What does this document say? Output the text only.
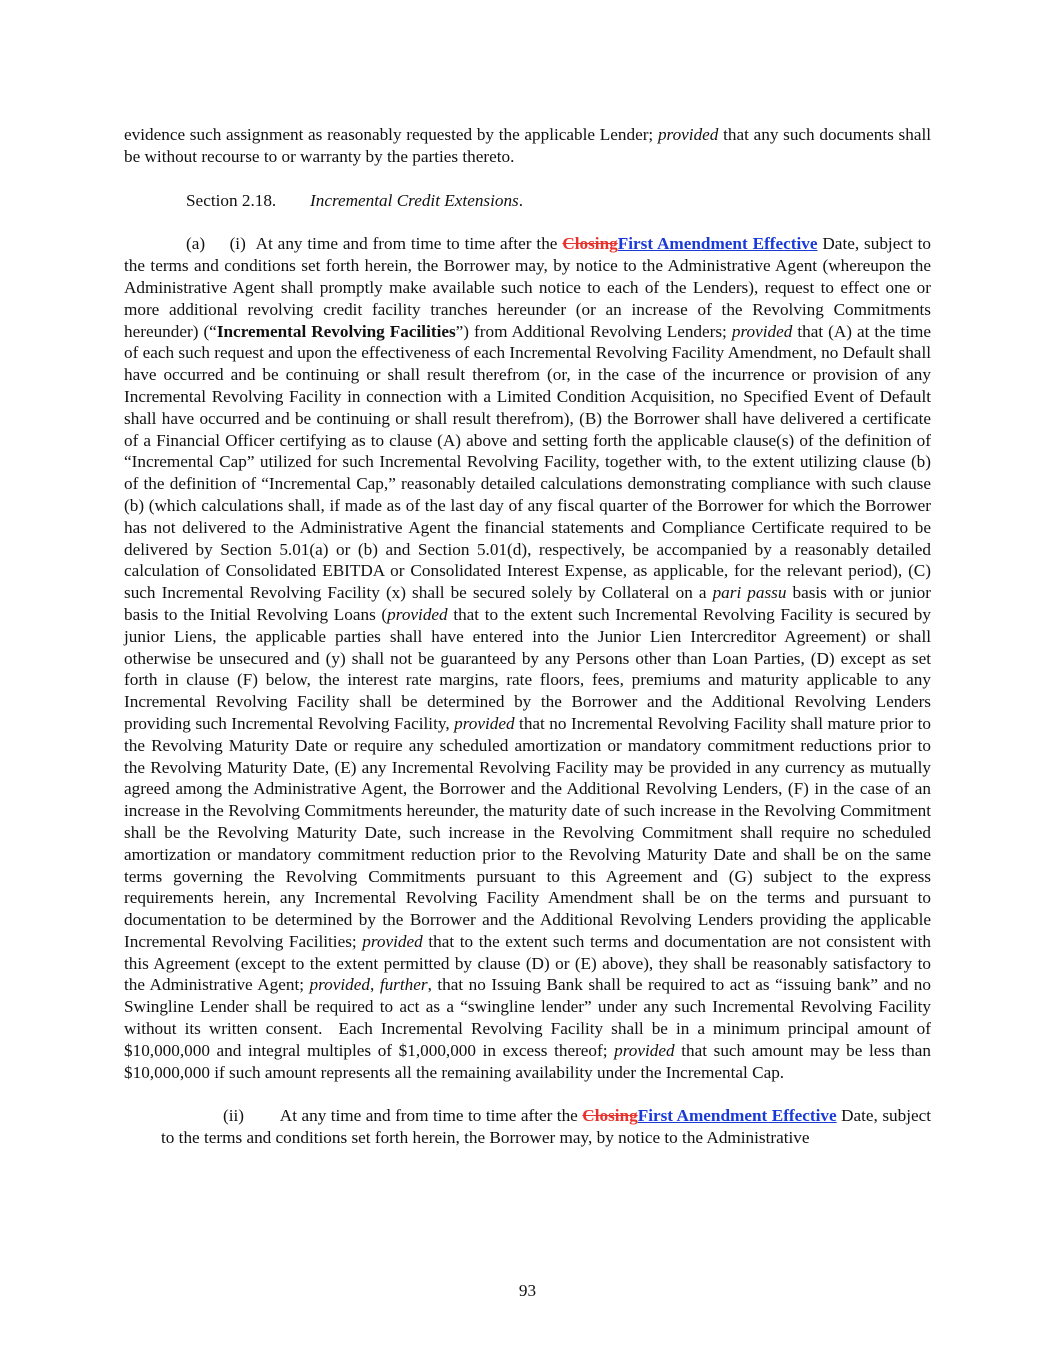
evidence such assignment as reasonably requested by the applicable Lender; provided that any such documents shall be without recourse to or warranty by the parties thereto.

Section 2.18. Incremental Credit Extensions.

(a)     (i)  At any time and from time to time after the ClosingFirst Amendment Effective Date, subject to the terms and conditions set forth herein, the Borrower may, by notice to the Administrative Agent (whereupon the Administrative Agent shall promptly make available such notice to each of the Lenders), request to effect one or more additional revolving credit facility tranches hereunder (or an increase of the Revolving Commitments hereunder) (“Incremental Revolving Facilities”) from Additional Revolving Lenders; provided that (A) at the time of each such request and upon the effectiveness of each Incremental Revolving Facility Amendment, no Default shall have occurred and be continuing or shall result therefrom (or, in the case of the incurrence or provision of any Incremental Revolving Facility in connection with a Limited Condition Acquisition, no Specified Event of Default shall have occurred and be continuing or shall result therefrom), (B) the Borrower shall have delivered a certificate of a Financial Officer certifying as to clause (A) above and setting forth the applicable clause(s) of the definition of “Incremental Cap” utilized for such Incremental Revolving Facility, together with, to the extent utilizing clause (b) of the definition of “Incremental Cap,” reasonably detailed calculations demonstrating compliance with such clause (b) (which calculations shall, if made as of the last day of any fiscal quarter of the Borrower for which the Borrower has not delivered to the Administrative Agent the financial statements and Compliance Certificate required to be delivered by Section 5.01(a) or (b) and Section 5.01(d), respectively, be accompanied by a reasonably detailed calculation of Consolidated EBITDA or Consolidated Interest Expense, as applicable, for the relevant period), (C) such Incremental Revolving Facility (x) shall be secured solely by Collateral on a pari passu basis with or junior basis to the Initial Revolving Loans (provided that to the extent such Incremental Revolving Facility is secured by junior Liens, the applicable parties shall have entered into the Junior Lien Intercreditor Agreement) or shall otherwise be unsecured and (y) shall not be guaranteed by any Persons other than Loan Parties, (D) except as set forth in clause (F) below, the interest rate margins, rate floors, fees, premiums and maturity applicable to any Incremental Revolving Facility shall be determined by the Borrower and the Additional Revolving Lenders providing such Incremental Revolving Facility, provided that no Incremental Revolving Facility shall mature prior to the Revolving Maturity Date or require any scheduled amortization or mandatory commitment reductions prior to the Revolving Maturity Date, (E) any Incremental Revolving Facility may be provided in any currency as mutually agreed among the Administrative Agent, the Borrower and the Additional Revolving Lenders, (F) in the case of an increase in the Revolving Commitments hereunder, the maturity date of such increase in the Revolving Commitment shall be the Revolving Maturity Date, such increase in the Revolving Commitment shall require no scheduled amortization or mandatory commitment reduction prior to the Revolving Maturity Date and shall be on the same terms governing the Revolving Commitments pursuant to this Agreement and (G) subject to the express requirements herein, any Incremental Revolving Facility Amendment shall be on the terms and pursuant to documentation to be determined by the Borrower and the Additional Revolving Lenders providing the applicable Incremental Revolving Facilities; provided that to the extent such terms and documentation are not consistent with this Agreement (except to the extent permitted by clause (D) or (E) above), they shall be reasonably satisfactory to the Administrative Agent; provided, further, that no Issuing Bank shall be required to act as “issuing bank” and no Swingline Lender shall be required to act as a “swingline lender” under any such Incremental Revolving Facility without its written consent.  Each Incremental Revolving Facility shall be in a minimum principal amount of $10,000,000 and integral multiples of $1,000,000 in excess thereof; provided that such amount may be less than $10,000,000 if such amount represents all the remaining availability under the Incremental Cap.

(ii)        At any time and from time to time after the ClosingFirst Amendment Effective Date, subject to the terms and conditions set forth herein, the Borrower may, by notice to the Administrative

93
